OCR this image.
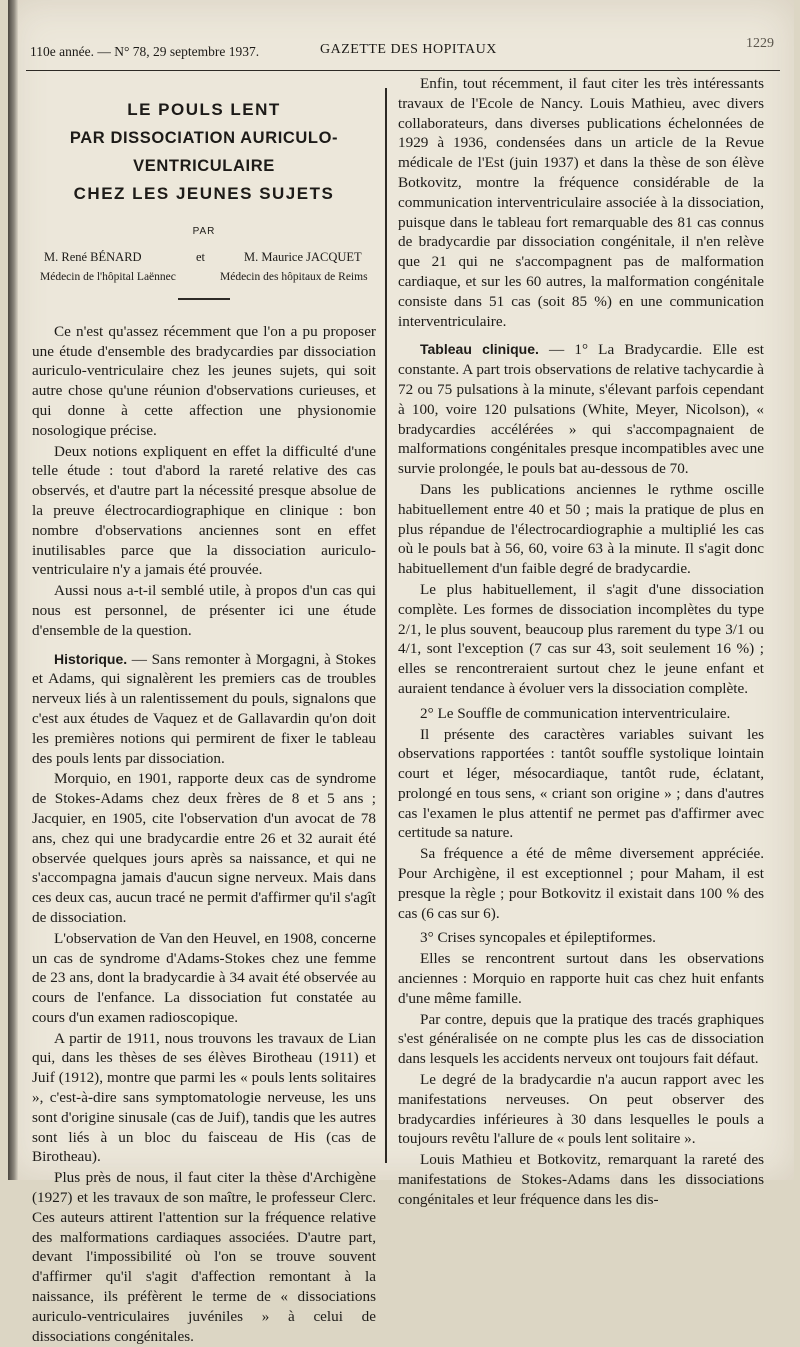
110e année. — N° 78, 29 septembre 1937.	GAZETTE DES HOPITAUX	1229
LE POULS LENT
PAR DISSOCIATION AURICULO-VENTRICULAIRE
CHEZ LES JEUNES SUJETS
PAR
M. René BÉNARD	et	M. Maurice JACQUET
Médecin de l'hôpital Laënnec	Médecin des hôpitaux de Reims

Ce n'est qu'assez récemment que l'on a pu proposer une étude d'ensemble des bradycardies par dissociation auriculo-ventriculaire chez les jeunes sujets, qui soit autre chose qu'une réunion d'observations curieuses, et qui donne à cette affection une physionomie nosologique précise.

Deux notions expliquent en effet la difficulté d'une telle étude : tout d'abord la rareté relative des cas observés, et d'autre part la nécessité presque absolue de la preuve électrocardiographique en clinique : bon nombre d'observations anciennes sont en effet inutilisables parce que la dissociation auriculo-ventriculaire n'y a jamais été prouvée.

Aussi nous a-t-il semblé utile, à propos d'un cas qui nous est personnel, de présenter ici une étude d'ensemble de la question.

Historique. — Sans remonter à Morgagni, à Stokes et Adams, qui signalèrent les premiers cas de troubles nerveux liés à un ralentissement du pouls, signalons que c'est aux études de Vaquez et de Gallavardin qu'on doit les premières notions qui permirent de fixer le tableau des pouls lents par dissociation.

Morquio, en 1901, rapporte deux cas de syndrome de Stokes-Adams chez deux frères de 8 et 5 ans ; Jacquier, en 1905, cite l'observation d'un avocat de 78 ans, chez qui une bradycardie entre 26 et 32 aurait été observée quelques jours après sa naissance, et qui ne s'accompagna jamais d'aucun signe nerveux. Mais dans ces deux cas, aucun tracé ne permit d'affirmer qu'il s'agît de dissociation.

L'observation de Van den Heuvel, en 1908, concerne un cas de syndrome d'Adams-Stokes chez une femme de 23 ans, dont la bradycardie à 34 avait été observée au cours de l'enfance. La dissociation fut constatée au cours d'un examen radioscopique.

A partir de 1911, nous trouvons les travaux de Lian qui, dans les thèses de ses élèves Birotheau (1911) et Juif (1912), montre que parmi les « pouls lents solitaires », c'est-à-dire sans symptomatologie nerveuse, les uns sont d'origine sinusale (cas de Juif), tandis que les autres sont liés à un bloc du faisceau de His (cas de Birotheau).

Plus près de nous, il faut citer la thèse d'Archigène (1927) et les travaux de son maître, le professeur Clerc. Ces auteurs attirent l'attention sur la fréquence relative des malformations cardiaques associées. D'autre part, devant l'impossibilité où l'on se trouve souvent d'affirmer qu'il s'agit d'affection remontant à la naissance, ils préfèrent le terme de « dissociations auriculo-ventriculaires juvéniles » à celui de dissociations congénitales.

Enfin, tout récemment, il faut citer les très intéressants travaux de l'Ecole de Nancy. Louis Mathieu, avec divers collaborateurs, dans diverses publications échelonnées de 1929 à 1936, condensées dans un article de la Revue médicale de l'Est (juin 1937) et dans la thèse de son élève Botkovitz, montre la fréquence considérable de la communication interventriculaire associée à la dissociation, puisque dans le tableau fort remarquable des 81 cas connus de bradycardie par dissociation congénitale, il n'en relève que 21 qui ne s'accompagnent pas de malformation cardiaque, et sur les 60 autres, la malformation congénitale consiste dans 51 cas (soit 85 %) en une communication interventriculaire.

Tableau clinique. — 1° La Bradycardie. Elle est constante. A part trois observations de relative tachycardie à 72 ou 75 pulsations à la minute, s'élevant parfois cependant à 100, voire 120 pulsations (White, Meyer, Nicolson), « bradycardies accélérées » qui s'accompagnaient de malformations congénitales presque incompatibles avec une survie prolongée, le pouls bat au-dessous de 70.

Dans les publications anciennes le rythme oscille habituellement entre 40 et 50 ; mais la pratique de plus en plus répandue de l'électrocardiographie a multiplié les cas où le pouls bat à 56, 60, voire 63 à la minute. Il s'agit donc habituellement d'un faible degré de bradycardie.

Le plus habituellement, il s'agit d'une dissociation complète. Les formes de dissociation incomplètes du type 2/1, le plus souvent, beaucoup plus rarement du type 3/1 ou 4/1, sont l'exception (7 cas sur 43, soit seulement 16 %) ; elles se rencontreraient surtout chez le jeune enfant et auraient tendance à évoluer vers la dissociation complète.

2° Le Souffle de communication interventriculaire.

Il présente des caractères variables suivant les observations rapportées : tantôt souffle systolique lointain court et léger, mésocardiaque, tantôt rude, éclatant, prolongé en tous sens, « criant son origine » ; dans d'autres cas l'examen le plus attentif ne permet pas d'affirmer avec certitude sa nature.

Sa fréquence a été de même diversement appréciée. Pour Archigène, il est exceptionnel ; pour Maham, il est presque la règle ; pour Botkovitz il existait dans 100 % des cas (6 cas sur 6).

3° Crises syncopales et épileptiformes.

Elles se rencontrent surtout dans les observations anciennes : Morquio en rapporte huit cas chez huit enfants d'une même famille.

Par contre, depuis que la pratique des tracés graphiques s'est généralisée on ne compte plus les cas de dissociation dans lesquels les accidents nerveux ont toujours fait défaut.

Le degré de la bradycardie n'a aucun rapport avec les manifestations nerveuses. On peut observer des bradycardies inférieures à 30 dans lesquelles le pouls a toujours revêtu l'allure de « pouls lent solitaire ».

Louis Mathieu et Botkovitz, remarquant la rareté des manifestations de Stokes-Adams dans les dissociations congénitales et leur fréquence dans les dis-
